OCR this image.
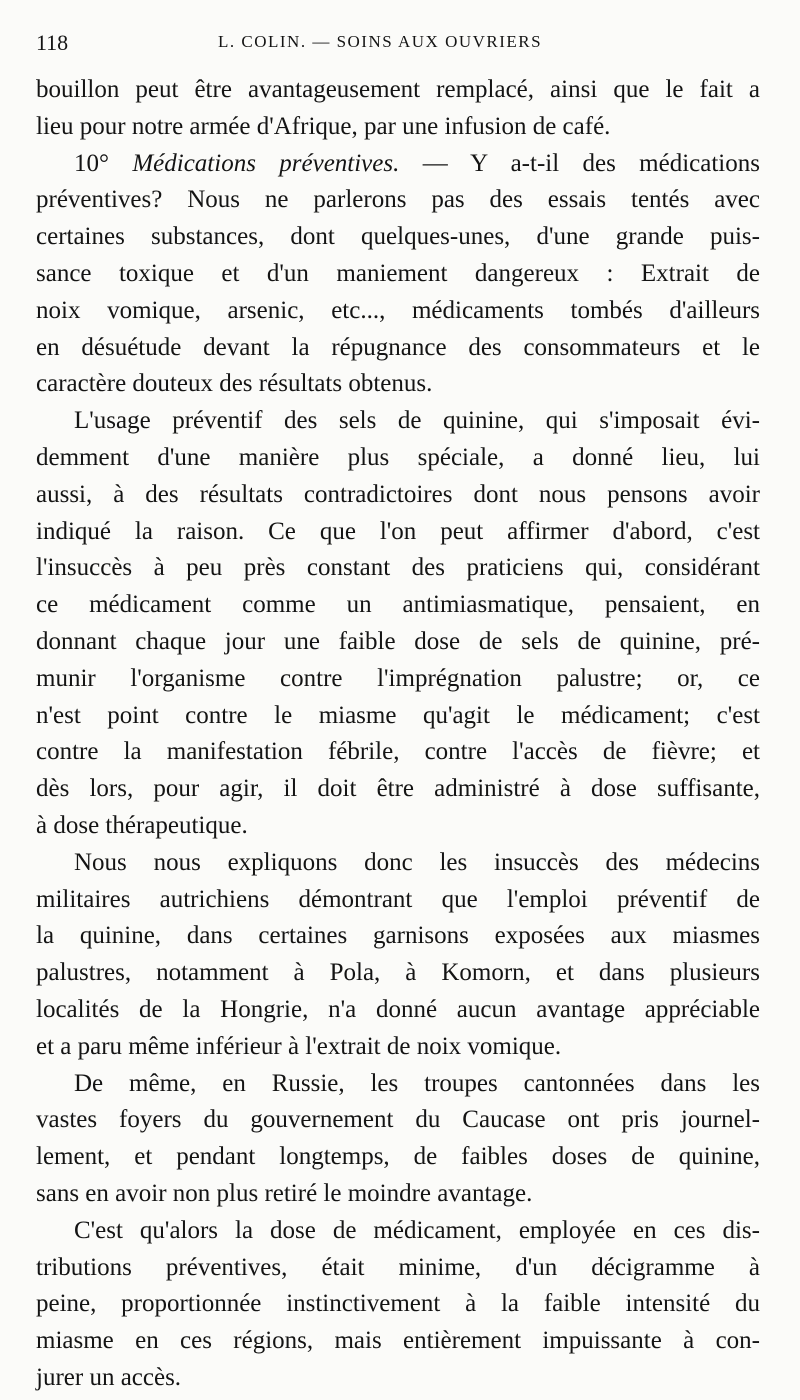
118	L. COLIN. — SOINS AUX OUVRIERS
bouillon peut être avantageusement remplacé, ainsi que le fait a
lieu pour notre armée d'Afrique, par une infusion de café.
10° Médications préventives. — Y a-t-il des médications
préventives? Nous ne parlerons pas des essais tentés avec
certaines substances, dont quelques-unes, d'une grande puis-
sance toxique et d'un maniement dangereux : Extrait de
noix vomique, arsenic, etc..., médicaments tombés d'ailleurs
en désuétude devant la répugnance des consommateurs et le
caractère douteux des résultats obtenus.
L'usage préventif des sels de quinine, qui s'imposait évi-
demment d'une manière plus spéciale, a donné lieu, lui
aussi, à des résultats contradictoires dont nous pensons avoir
indiqué la raison. Ce que l'on peut affirmer d'abord, c'est
l'insuccès à peu près constant des praticiens qui, considérant
ce médicament comme un antimiasmatique, pensaient, en
donnant chaque jour une faible dose de sels de quinine, pré-
munir l'organisme contre l'imprégnation palustre; or, ce
n'est point contre le miasme qu'agit le médicament; c'est
contre la manifestation fébrile, contre l'accès de fièvre; et
dès lors, pour agir, il doit être administré à dose suffisante,
à dose thérapeutique.
Nous nous expliquons donc les insuccès des médecins
militaires autrichiens démontrant que l'emploi préventif de
la quinine, dans certaines garnisons exposées aux miasmes
palustres, notamment à Pola, à Komorn, et dans plusieurs
localités de la Hongrie, n'a donné aucun avantage appréciable
et a paru même inférieur à l'extrait de noix vomique.
De même, en Russie, les troupes cantonnées dans les
vastes foyers du gouvernement du Caucase ont pris journel-
lement, et pendant longtemps, de faibles doses de quinine,
sans en avoir non plus retiré le moindre avantage.
C'est qu'alors la dose de médicament, employée en ces dis-
tributions préventives, était minime, d'un décigramme à
peine, proportionnée instinctivement à la faible intensité du
miasme en ces régions, mais entièrement impuissante à con-
jurer un accès.
